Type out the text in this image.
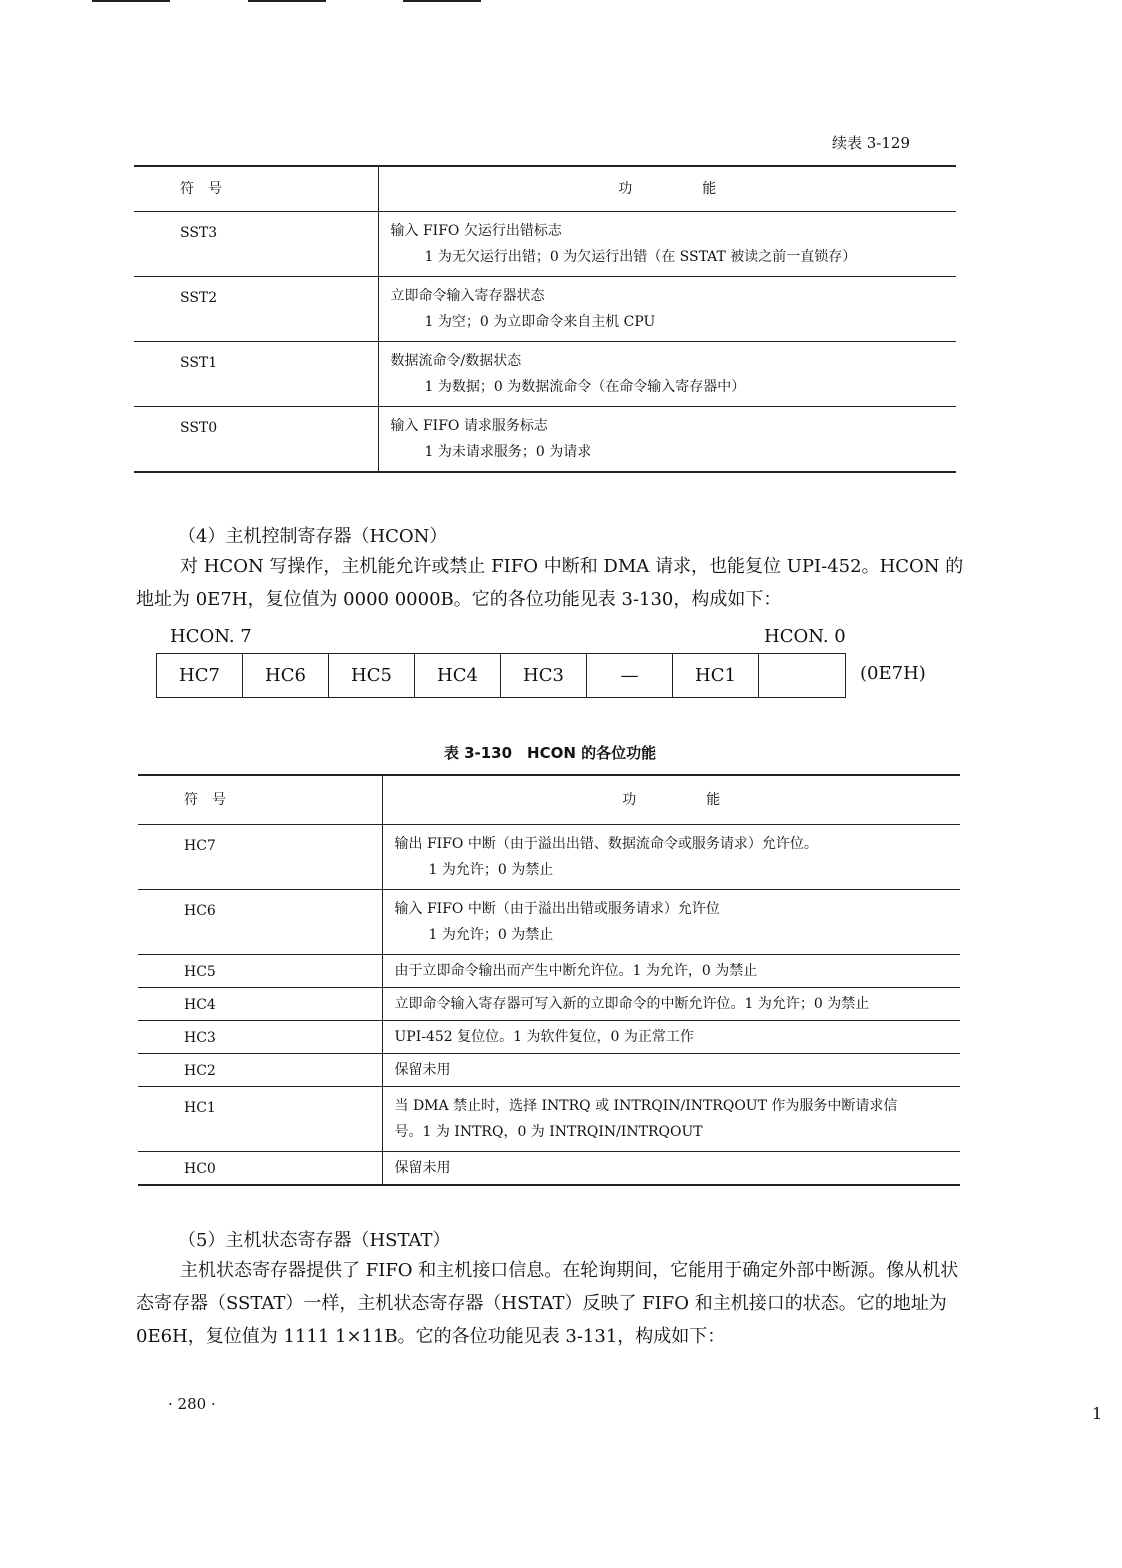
续表 3-129
符　号	功　　　　　能
SST3	输入 FIFO 欠运行出错标志
1 为无欠运行出错；0 为欠运行出错（在 SSTAT 被读之前一直锁存）

SST2	立即命令输入寄存器状态
1 为空；0 为立即命令来自主机 CPU

SST1	数据流命令/数据状态
1 为数据；0 为数据流命令（在命令输入寄存器中）

SST0	输入 FIFO 请求服务标志
1 为未请求服务；0 为请求
（4）主机控制寄存器（HCON）
对 HCON 写操作，主机能允许或禁止 FIFO 中断和 DMA 请求，也能复位 UPI-452。HCON 的地址为 0E7H，复位值为 0000 0000B。它的各位功能见表 3-130，构成如下：
HCON. 7	HCON. 0
HC7	HC6	HC5	HC4	HC3	—	HC1	(0E7H)
表 3-130　HCON 的各位功能
符　号	功　　　　　能
HC7	输出 FIFO 中断（由于溢出出错、数据流命令或服务请求）允许位。
1 为允许；0 为禁止

HC6	输入 FIFO 中断（由于溢出出错或服务请求）允许位
1 为允许；0 为禁止

HC5	由于立即命令输出而产生中断允许位。1 为允许，0 为禁止
HC4	立即命令输入寄存器可写入新的立即命令的中断允许位。1 为允许；0 为禁止
HC3	UPI-452 复位位。1 为软件复位，0 为正常工作
HC2	保留未用
HC1	当 DMA 禁止时，选择 INTRQ 或 INTRQIN/INTRQOUT 作为服务中断请求信
号。1 为 INTRQ，0 为 INTRQIN/INTRQOUT

HC0	保留未用
（5）主机状态寄存器（HSTAT）
主机状态寄存器提供了 FIFO 和主机接口信息。在轮询期间，它能用于确定外部中断源。像从机状态寄存器（SSTAT）一样，主机状态寄存器（HSTAT）反映了 FIFO 和主机接口的状态。它的地址为 0E6H，复位值为 1111 1×11B。它的各位功能见表 3-131，构成如下：
· 280 ·	1
